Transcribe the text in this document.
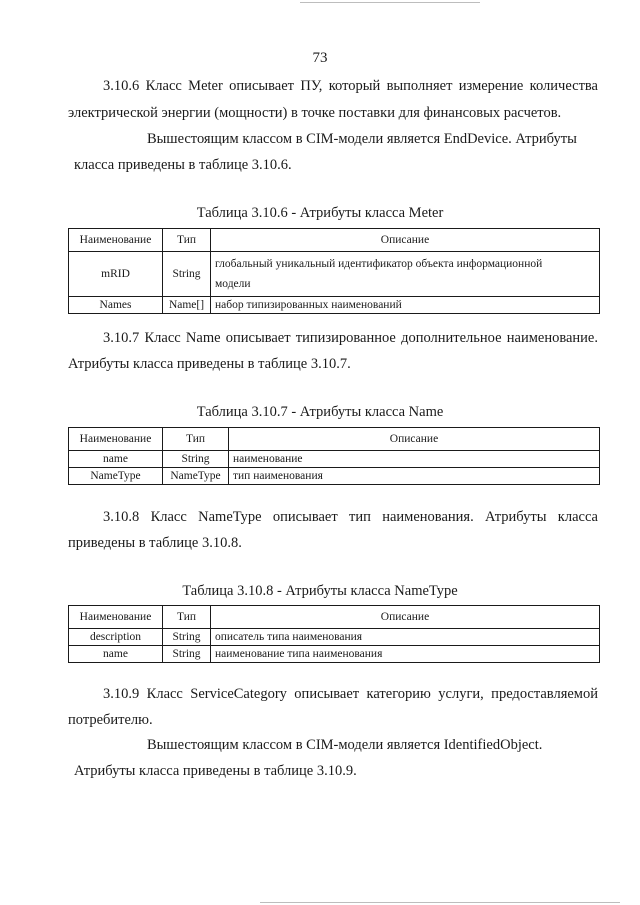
73
3.10.6 Класс Meter описывает ПУ, который выполняет измерение количества
электрической энергии (мощности) в точке поставки для финансовых расчетов.
Вышестоящим классом в CIM-модели является EndDevice. Атрибуты
класса приведены в таблице 3.10.6.
Таблица 3.10.6 - Атрибуты класса Meter
Наименование	Тип	Описание
mRID	String	глобальный уникальный идентификатор объекта информационной
модели

Names	Name[]	набор типизированных наименований
3.10.7 Класс Name описывает типизированное дополнительное наименование.
Атрибуты класса приведены в таблице 3.10.7.
Таблица 3.10.7 - Атрибуты класса Name
Наименование	Тип	Описание
name	String	наименование
NameType	NameType	тип наименования
3.10.8 Класс NameType описывает тип наименования. Атрибуты класса
приведены в таблице 3.10.8.
Таблица 3.10.8 - Атрибуты класса NameType
Наименование	Тип	Описание
description	String	описатель типа наименования
name	String	наименование типа наименования
3.10.9 Класс ServiceCategory описывает категорию услуги, предоставляемой
потребителю.
Вышестоящим классом в CIM-модели является IdentifiedObject.
Атрибуты класса приведены в таблице 3.10.9.
